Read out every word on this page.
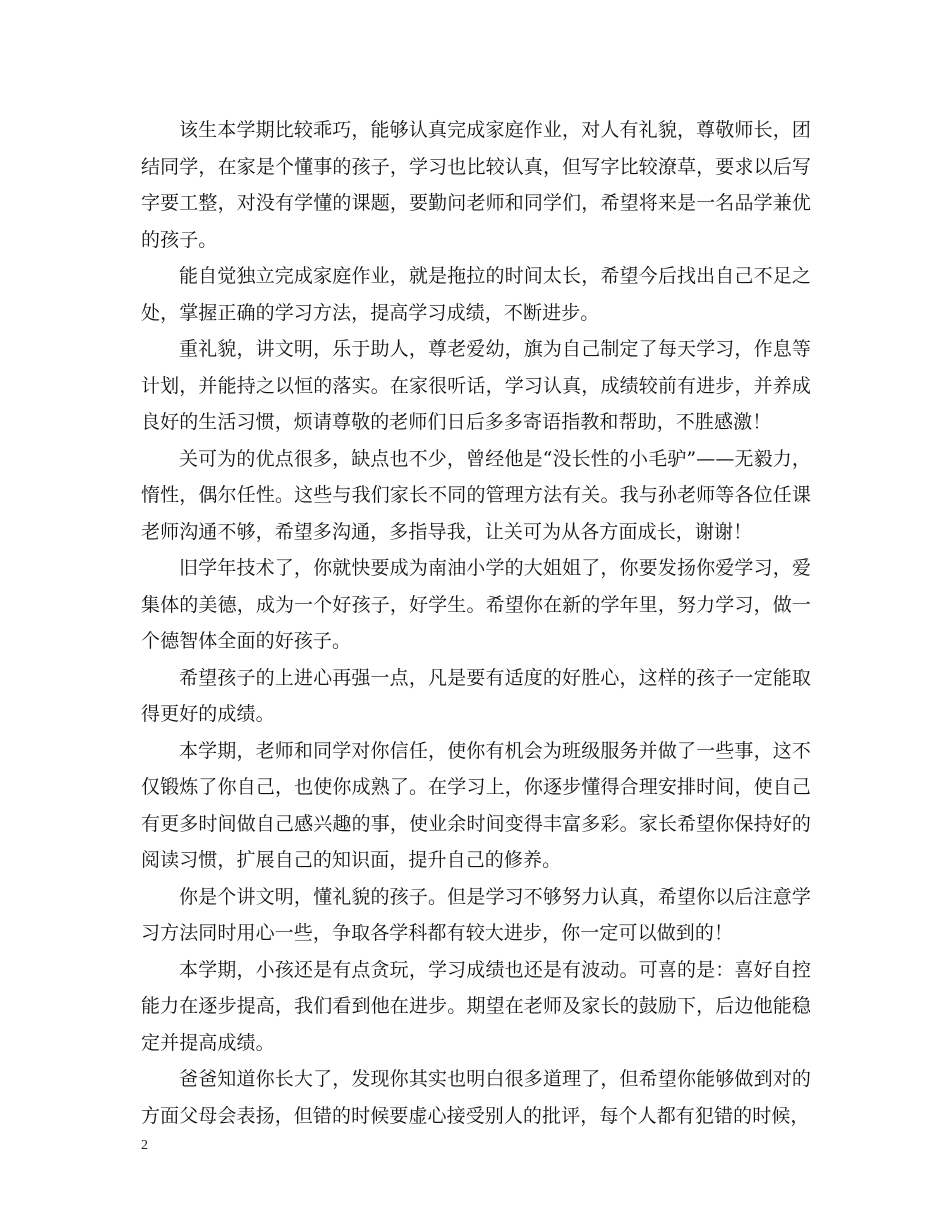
该生本学期比较乖巧，能够认真完成家庭作业，对人有礼貌，尊敬师长，团结同学，在家是个懂事的孩子，学习也比较认真，但写字比较潦草，要求以后写字要工整，对没有学懂的课题，要勤问老师和同学们，希望将来是一名品学兼优的孩子。

能自觉独立完成家庭作业，就是拖拉的时间太长，希望今后找出自己不足之处，掌握正确的学习方法，提高学习成绩，不断进步。

重礼貌，讲文明，乐于助人，尊老爱幼，旗为自己制定了每天学习，作息等计划，并能持之以恒的落实。在家很听话，学习认真，成绩较前有进步，并养成良好的生活习惯，烦请尊敬的老师们日后多多寄语指教和帮助，不胜感激！

关可为的优点很多，缺点也不少，曾经他是“没长性的小毛驴”——无毅力，惰性，偶尔任性。这些与我们家长不同的管理方法有关。我与孙老师等各位任课老师沟通不够，希望多沟通，多指导我，让关可为从各方面成长，谢谢！

旧学年技术了，你就快要成为南油小学的大姐姐了，你要发扬你爱学习，爱集体的美德，成为一个好孩子，好学生。希望你在新的学年里，努力学习，做一个德智体全面的好孩子。

希望孩子的上进心再强一点，凡是要有适度的好胜心，这样的孩子一定能取得更好的成绩。

本学期，老师和同学对你信任，使你有机会为班级服务并做了一些事，这不仅锻炼了你自己，也使你成熟了。在学习上，你逐步懂得合理安排时间，使自己有更多时间做自己感兴趣的事，使业余时间变得丰富多彩。家长希望你保持好的阅读习惯，扩展自己的知识面，提升自己的修养。

你是个讲文明，懂礼貌的孩子。但是学习不够努力认真，希望你以后注意学习方法同时用心一些，争取各学科都有较大进步，你一定可以做到的！

本学期，小孩还是有点贪玩，学习成绩也还是有波动。可喜的是：喜好自控能力在逐步提高，我们看到他在进步。期望在老师及家长的鼓励下，后边他能稳定并提高成绩。

爸爸知道你长大了，发现你其实也明白很多道理了，但希望你能够做到对的方面父母会表扬，但错的时候要虚心接受别人的批评，每个人都有犯错的时候，

2
